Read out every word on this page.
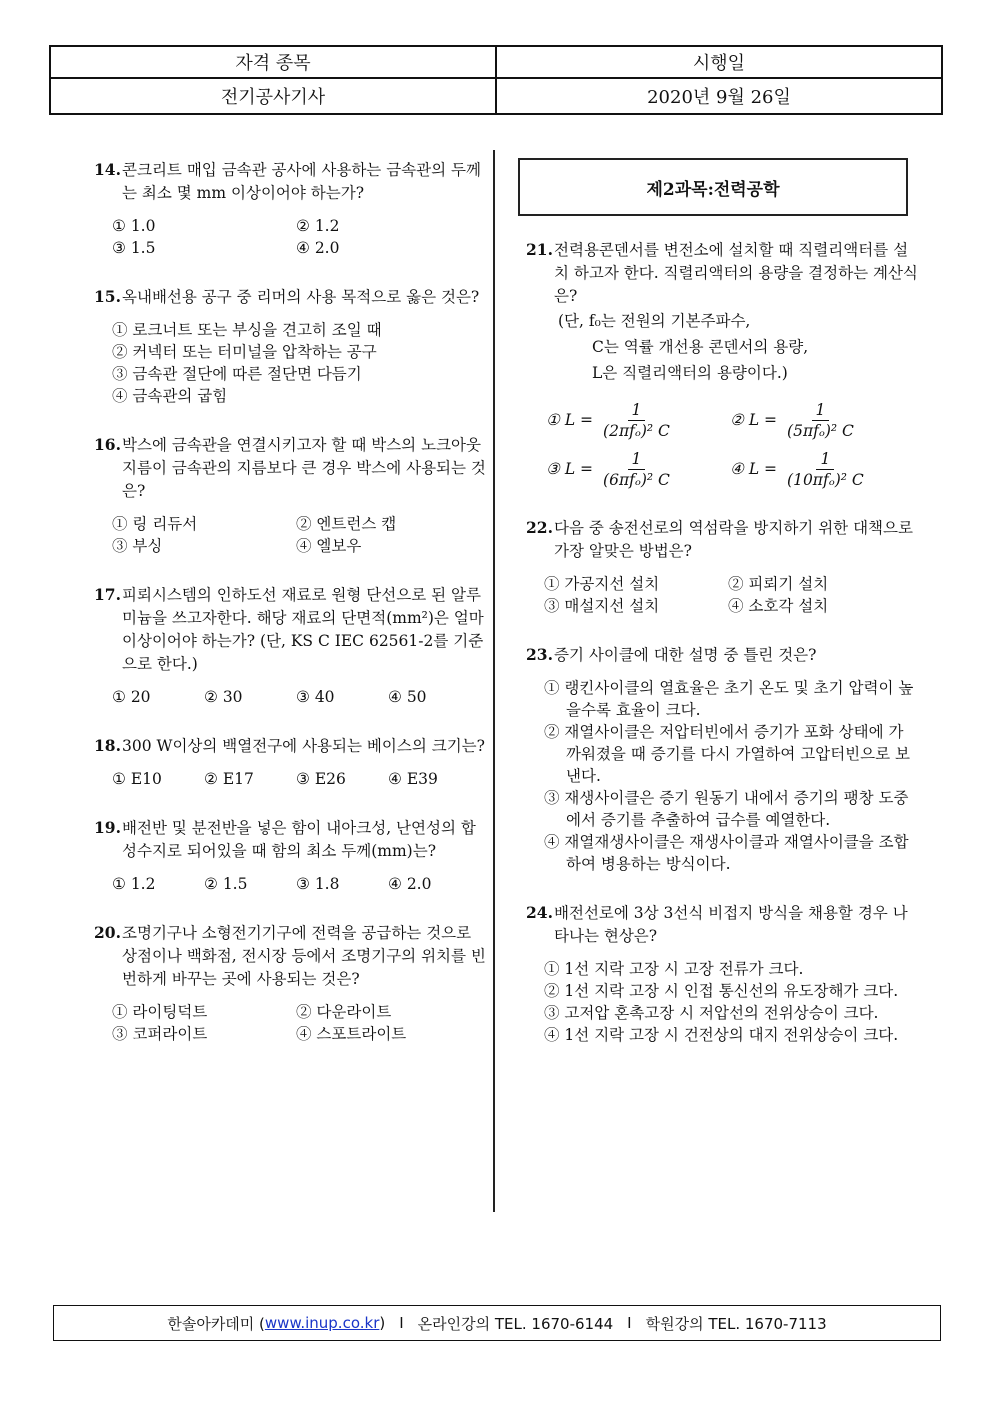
자격 종목	시행일
전기공사기사	2020년 9월 26일
14.콘크리트 매입 금속관 공사에 사용하는 금속관의 두께는 최소 몇 mm 이상이어야 하는가?
① 1.0	② 1.2
③ 1.5	④ 2.0
15.옥내배선용 공구 중 리머의 사용 목적으로 옳은 것은?
① 로크너트 또는 부싱을 견고히 조일 때
② 커넥터 또는 터미널을 압착하는 공구
③ 금속관 절단에 따른 절단면 다듬기
④ 금속관의 굽힘
16.박스에 금속관을 연결시키고자 할 때 박스의 노크아웃 지름이 금속관의 지름보다 큰 경우 박스에 사용되는 것은?
① 링 리듀서	② 엔트런스 캡
③ 부싱	④ 엘보우
17.피뢰시스템의 인하도선 재료로 원형 단선으로 된 알루미늄을 쓰고자한다. 해당 재료의 단면적(mm²)은 얼마 이상이어야 하는가? (단, KS C IEC 62561-2를 기준으로 한다.)
① 20	② 30	③ 40	④ 50
18.300 W이상의 백열전구에 사용되는 베이스의 크기는?
① E10	② E17	③ E26	④ E39
19.배전반 및 분전반을 넣은 함이 내아크성, 난연성의 합성수지로 되어있을 때 함의 최소 두께(mm)는?
① 1.2	② 1.5	③ 1.8	④ 2.0
20.조명기구나 소형전기기구에 전력을 공급하는 것으로 상점이나 백화점, 전시장 등에서 조명기구의 위치를 빈번하게 바꾸는 곳에 사용되는 것은?
① 라이팅덕트	② 다운라이트
③ 코퍼라이트	④ 스포트라이트
제2과목:전력공학
21.전력용콘덴서를 변전소에 설치할 때 직렬리액터를 설치 하고자 한다. 직렬리액터의 용량을 결정하는 계산식은?
(단, f₀는 전원의 기본주파수,
C는 역률 개선용 콘덴서의 용량,
L은 직렬리액터의 용량이다.)
① $L = \frac{1}{\text{(2πfₒ)² C}}$	② $L = \frac{1}{\text{(5πfₒ)² C}}$
③ $L = \frac{1}{\text{(6πfₒ)² C}}$	④ $L = \frac{1}{\text{(10πfₒ)² C}}$
22.다음 중 송전선로의 역섬락을 방지하기 위한 대책으로 가장 알맞은 방법은?
① 가공지선 설치	② 피뢰기 설치
③ 매설지선 설치	④ 소호각 설치
23.증기 사이클에 대한 설명 중 틀린 것은?
① 랭킨사이클의 열효율은 초기 온도 및 초기 압력이 높을수록 효율이 크다.
② 재열사이클은 저압터빈에서 증기가 포화 상태에 가까워졌을 때 증기를 다시 가열하여 고압터빈으로 보낸다.
③ 재생사이클은 증기 원동기 내에서 증기의 팽창 도중에서 증기를 추출하여 급수를 예열한다.
④ 재열재생사이클은 재생사이클과 재열사이클을 조합하여 병용하는 방식이다.
24.배전선로에 3상 3선식 비접지 방식을 채용할 경우 나타나는 현상은?
① 1선 지락 고장 시 고장 전류가 크다.
② 1선 지락 고장 시 인접 통신선의 유도장해가 크다.
③ 고저압 혼촉고장 시 저압선의 전위상승이 크다.
④ 1선 지락 고장 시 건전상의 대지 전위상승이 크다.
한솔아카데미 ( www.inup.co.kr ) I 온라인강의 TEL. 1670-6144 I 학원강의 TEL. 1670-7113
